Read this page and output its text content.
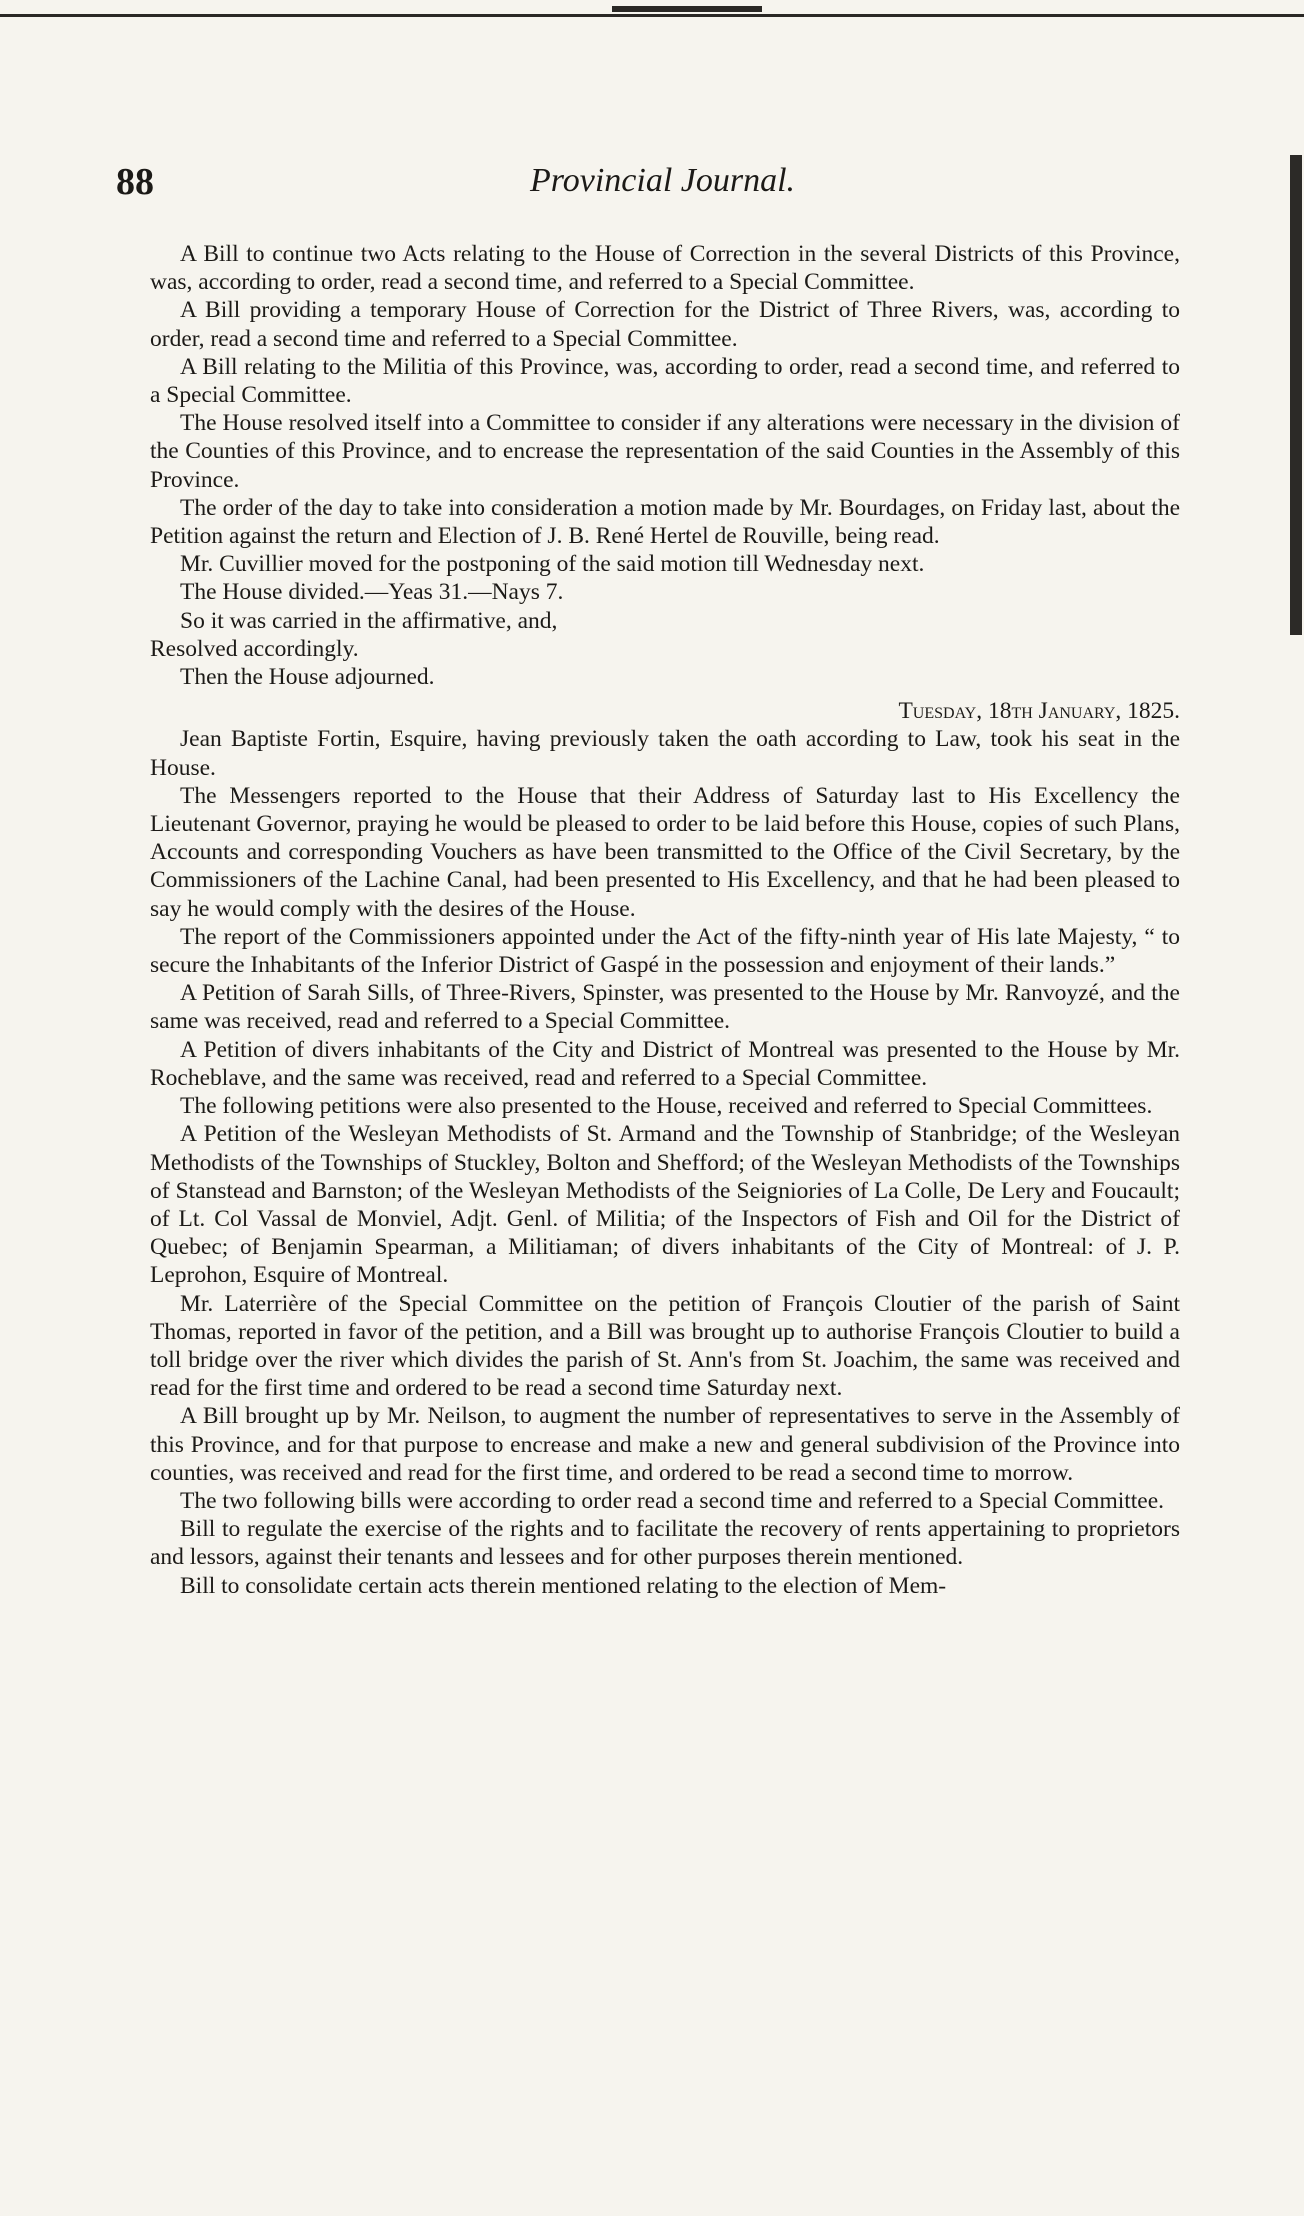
88	Provincial Journal.

A Bill to continue two Acts relating to the House of Correction in the several Districts of this Province, was, according to order, read a second time, and referred to a Special Committee.

A Bill providing a temporary House of Correction for the District of Three Rivers, was, according to order, read a second time and referred to a Special Committee.

A Bill relating to the Militia of this Province, was, according to order, read a second time, and referred to a Special Committee.

The House resolved itself into a Committee to consider if any alterations were necessary in the division of the Counties of this Province, and to encrease the representation of the said Counties in the Assembly of this Province.

The order of the day to take into consideration a motion made by Mr. Bourdages, on Friday last, about the Petition against the return and Election of J. B. René Hertel de Rouville, being read.

Mr. Cuvillier moved for the postponing of the said motion till Wednesday next.

The House divided.—Yeas 31.—Nays 7.

So it was carried in the affirmative, and,

Resolved accordingly.

Then the House adjourned.

Tuesday, 18th January, 1825.

Jean Baptiste Fortin, Esquire, having previously taken the oath according to Law, took his seat in the House.

The Messengers reported to the House that their Address of Saturday last to His Excellency the Lieutenant Governor, praying he would be pleased to order to be laid before this House, copies of such Plans, Accounts and corresponding Vouchers as have been transmitted to the Office of the Civil Secretary, by the Commissioners of the Lachine Canal, had been presented to His Excellency, and that he had been pleased to say he would comply with the desires of the House.

The report of the Commissioners appointed under the Act of the fifty-ninth year of His late Majesty, “ to secure the Inhabitants of the Inferior District of Gaspé in the possession and enjoyment of their lands.”

A Petition of Sarah Sills, of Three-Rivers, Spinster, was presented to the House by Mr. Ranvoyzé, and the same was received, read and referred to a Special Committee.

A Petition of divers inhabitants of the City and District of Montreal was presented to the House by Mr. Rocheblave, and the same was received, read and referred to a Special Committee.

The following petitions were also presented to the House, received and referred to Special Committees.

A Petition of the Wesleyan Methodists of St. Armand and the Township of Stanbridge; of the Wesleyan Methodists of the Townships of Stuckley, Bolton and Shefford; of the Wesleyan Methodists of the Townships of Stanstead and Barnston; of the Wesleyan Methodists of the Seigniories of La Colle, De Lery and Foucault; of Lt. Col Vassal de Monviel, Adjt. Genl. of Militia; of the Inspectors of Fish and Oil for the District of Quebec; of Benjamin Spearman, a Militiaman; of divers inhabitants of the City of Montreal: of J. P. Leprohon, Esquire of Montreal.

Mr. Laterrière of the Special Committee on the petition of François Cloutier of the parish of Saint Thomas, reported in favor of the petition, and a Bill was brought up to authorise François Cloutier to build a toll bridge over the river which divides the parish of St. Ann's from St. Joachim, the same was received and read for the first time and ordered to be read a second time Saturday next.

A Bill brought up by Mr. Neilson, to augment the number of representatives to serve in the Assembly of this Province, and for that purpose to encrease and make a new and general subdivision of the Province into counties, was received and read for the first time, and ordered to be read a second time to morrow.

The two following bills were according to order read a second time and referred to a Special Committee.

Bill to regulate the exercise of the rights and to facilitate the recovery of rents appertaining to proprietors and lessors, against their tenants and lessees and for other purposes therein mentioned.

Bill to consolidate certain acts therein mentioned relating to the election of Mem-
